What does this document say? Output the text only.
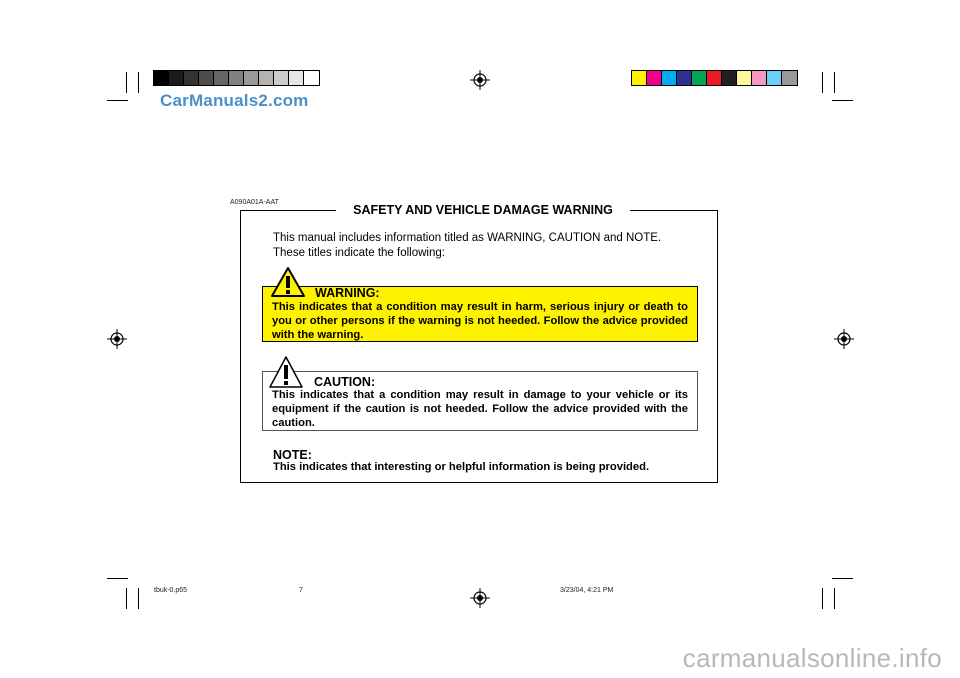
CarManuals2.com
A090A01A-AAT
SAFETY AND VEHICLE DAMAGE WARNING
This manual includes information titled as WARNING, CAUTION and NOTE.
These titles indicate the following:
WARNING:
This indicates that a condition may result in harm, serious injury or death to you or other persons if the warning is not heeded. Follow the advice provided with the warning.
CAUTION:
This indicates that a condition may result in damage to your vehicle or its equipment if the caution is not heeded. Follow the advice provided with the caution.
NOTE:
This indicates that interesting or helpful information is being provided.
tbuk-0.p65	7	3/23/04, 4:21 PM
carmanualsonline.info
